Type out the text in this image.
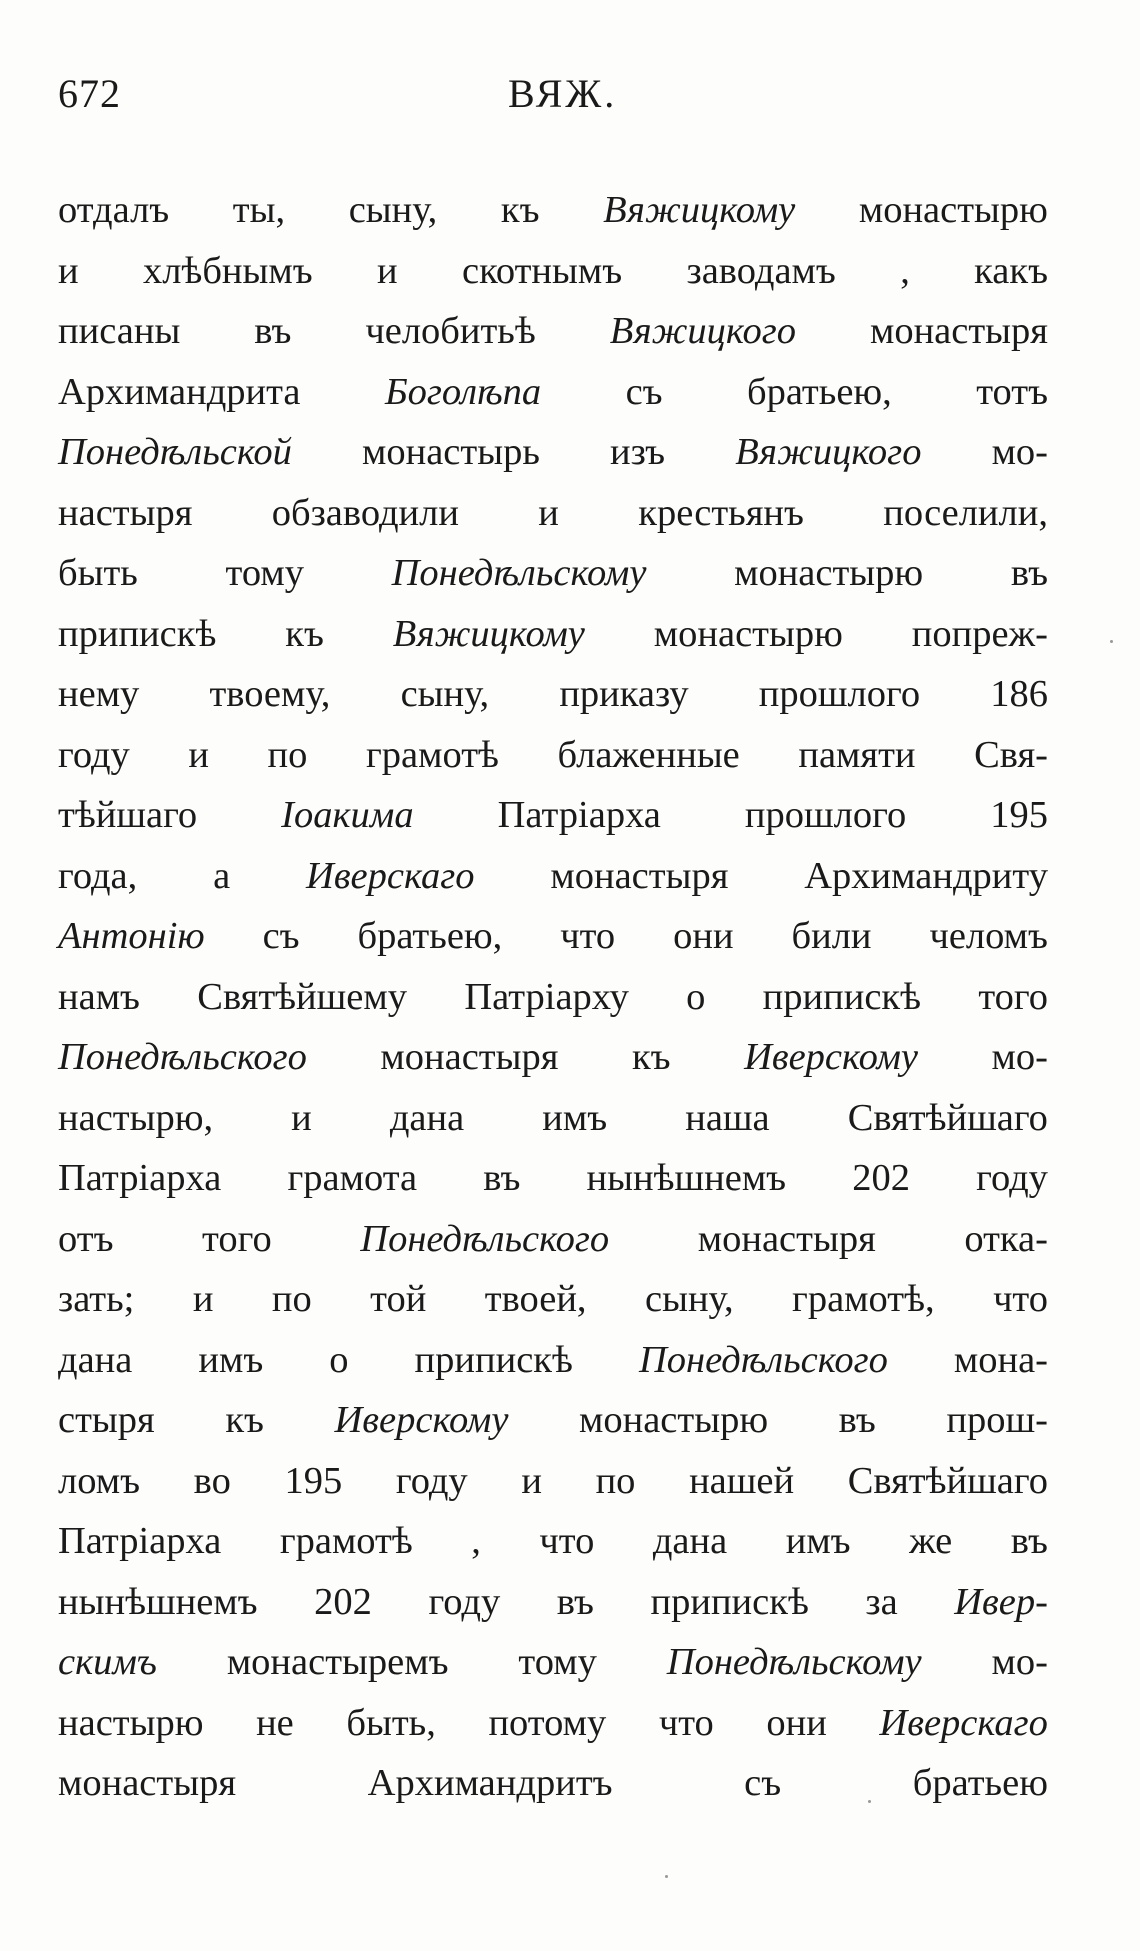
672	ВЯЖ.
отдалъ ты, сыну, къ Вяжицкому монастырю
и хлѣбнымъ и скотнымъ заводамъ , какъ
писаны въ челобитьѣ Вяжицкого монастыря
Архимандрита Боголѣпа съ братьею, тотъ
Понедѣльской монастырь изъ Вяжицкого мо-
настыря обзаводили и крестьянъ поселили,
быть тому Понедѣльскому монастырю въ
припискѣ къ Вяжицкому монастырю попреж-
нему твоему, сыну, приказу прошлого 186
году и по грамотѣ блаженные памяти Свя-
тѣйшаго Іоакима Патріарха прошлого 195
года, а Иверскаго монастыря Архимандриту
Антонію съ братьею, что они били челомъ
намъ Святѣйшему Патріарху о припискѣ того
Понедѣльского монастыря къ Иверскому мо-
настырю, и дана имъ наша Святѣйшаго
Патріарха грамота въ нынѣшнемъ 202 году
отъ того Понедѣльского монастыря отка-
зать; и по той твоей, сыну, грамотѣ, что
дана имъ о припискѣ Понедѣльского мона-
стыря къ Иверскому монастырю въ прош-
ломъ во 195 году и по нашей Святѣйшаго
Патріарха грамотѣ , что дана имъ же въ
нынѣшнемъ 202 году въ припискѣ за Ивер-
скимъ монастыремъ тому Понедѣльскому мо-
настырю не быть, потому что они Иверскаго
монастыря	Архимандритъ	съ	братьею
